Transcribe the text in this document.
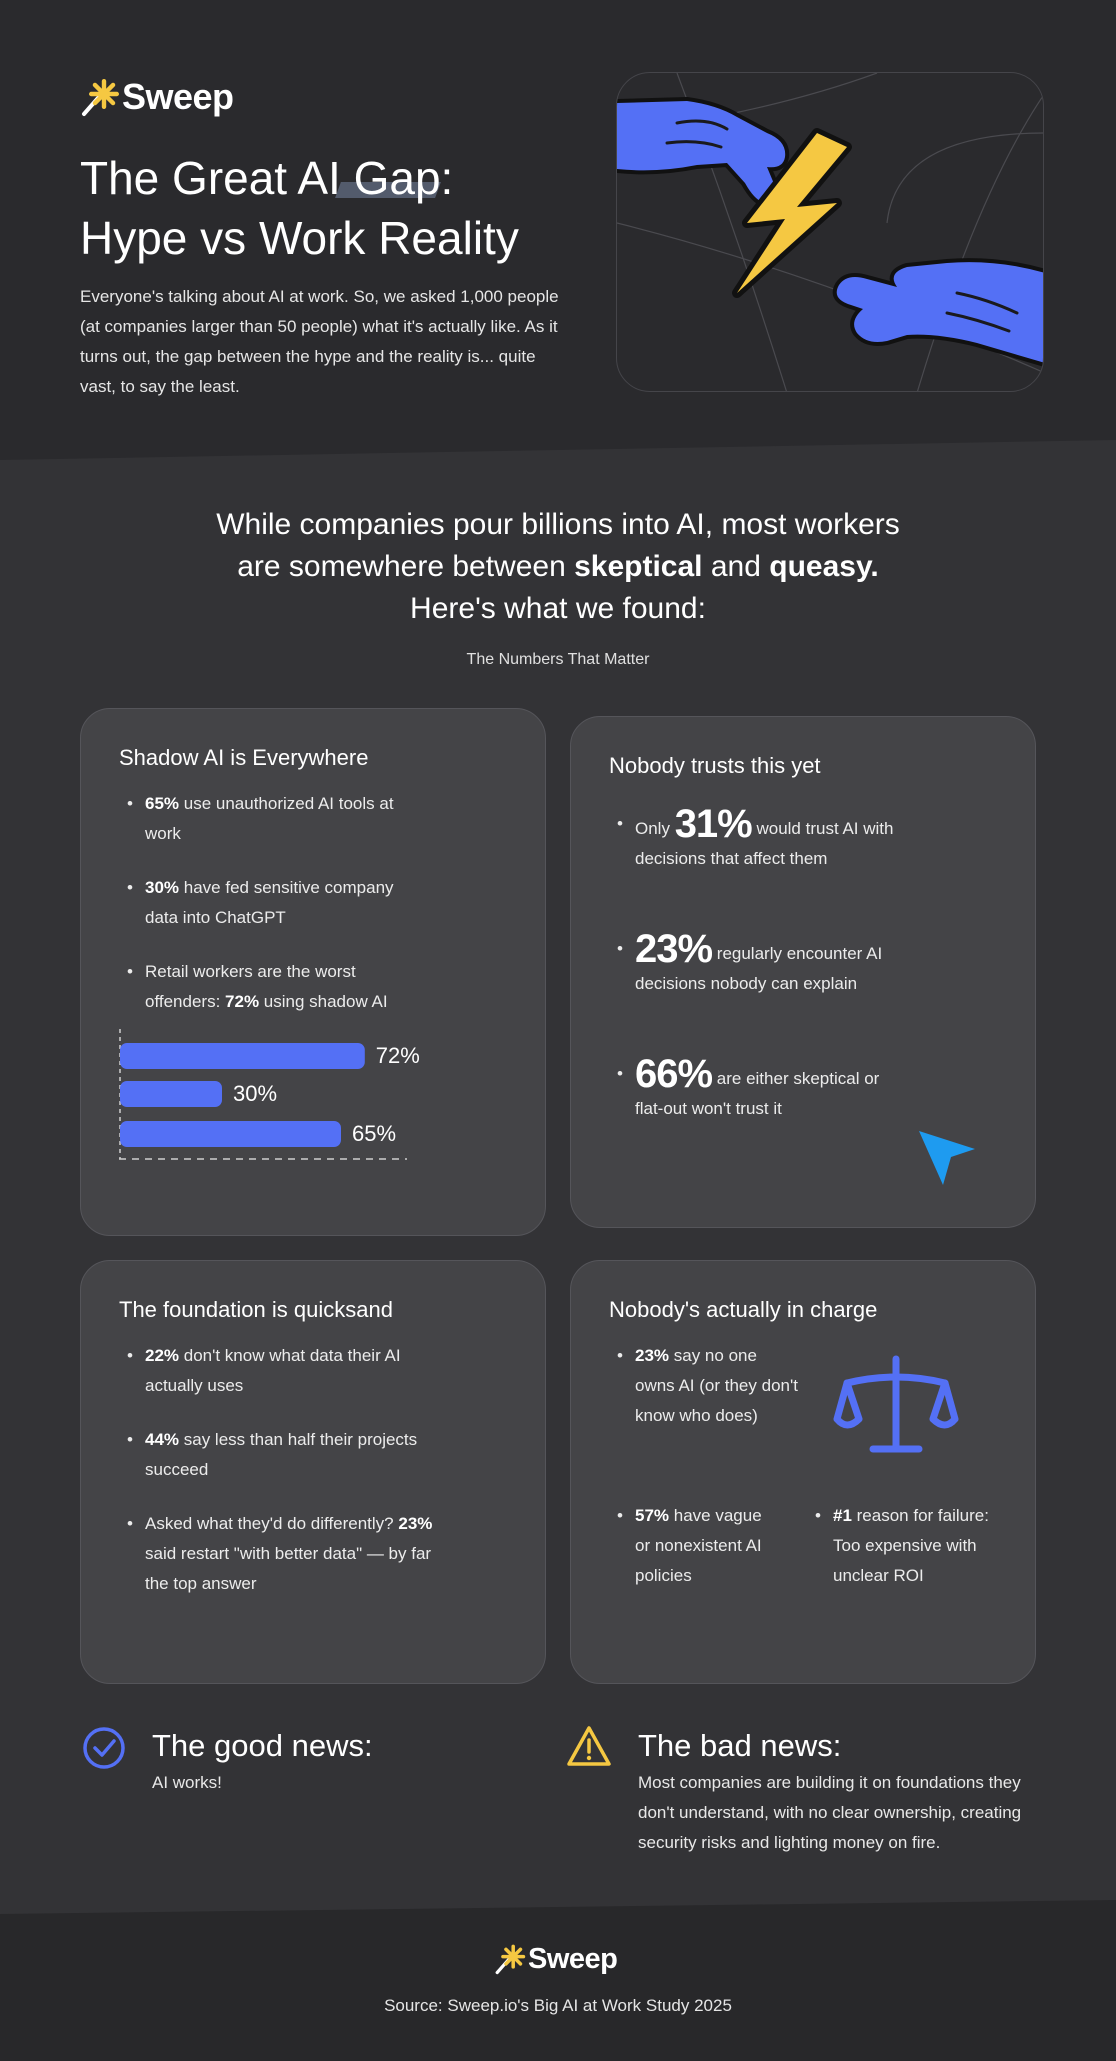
Sweep
The Great AI Gap:
Hype vs Work Reality

Everyone's talking about AI at work. So, we asked 1,000 people (at companies larger than 50 people) what it's actually like. As it turns out, the gap between the hype and the reality is... quite vast, to say the least.

While companies pour billions into AI, most workers
are somewhere between skeptical and queasy.
Here's what we found:
The Numbers That Matter
Shadow AI is Everywhere
• 65% use unauthorized AI tools at work
• 30% have fed sensitive company data into ChatGPT
• Retail workers are the worst offenders: 72% using shadow AI
72%
30%
65%
Nobody trusts this yet
• Only 31% would trust AI with decisions that affect them
• 23% regularly encounter AI decisions nobody can explain
• 66% are either skeptical or flat-out won't trust it
The foundation is quicksand
• 22% don't know what data their AI actually uses
• 44% say less than half their projects succeed
• Asked what they'd do differently? 23% said restart "with better data" — by far the top answer
Nobody's actually in charge
• 23% say no one owns AI (or they don't know who does)
• 57% have vague or nonexistent AI policies
• #1 reason for failure: Too expensive with unclear ROI
The good news:

AI works!

The bad news:

Most companies are building it on foundations they don't understand, with no clear ownership, creating security risks and lighting money on fire.

Sweep
Source: Sweep.io's Big AI at Work Study 2025
